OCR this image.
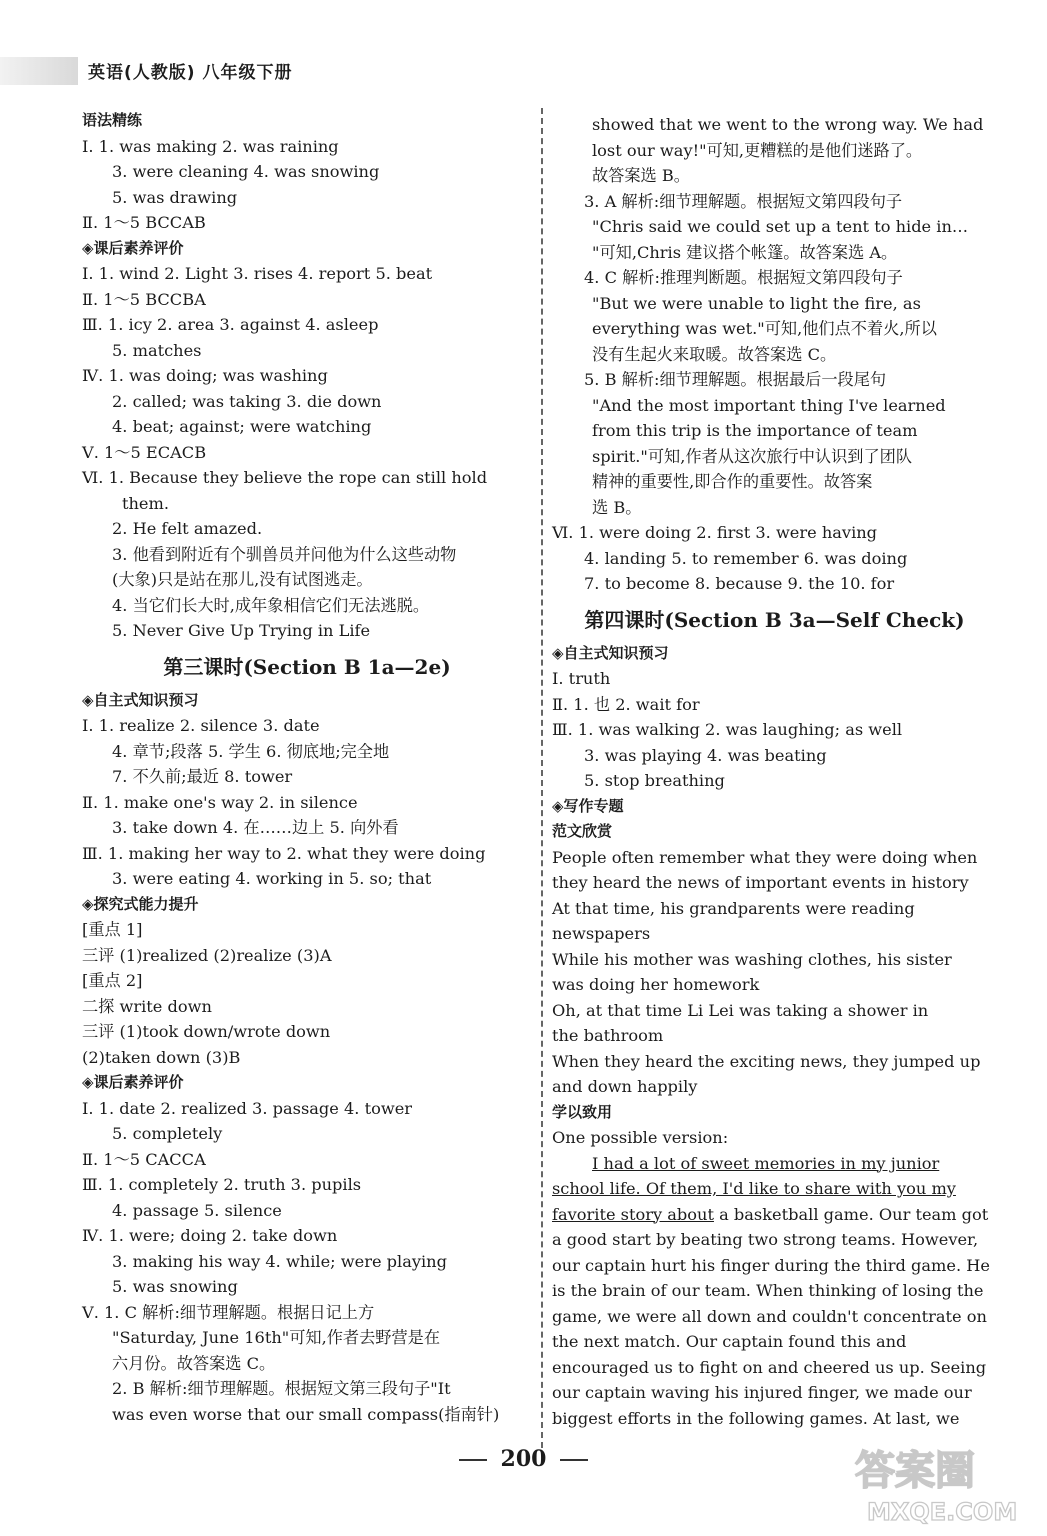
英语(人教版) 八年级下册
语法精练
Ⅰ. 1. was making 2. was raining
3. were cleaning 4. was snowing
5. was drawing
Ⅱ. 1～5 BCCAB
◈课后素养评价
Ⅰ. 1. wind 2. Light 3. rises 4. report 5. beat
Ⅱ. 1～5 BCCBA
Ⅲ. 1. icy 2. area 3. against 4. asleep
5. matches
Ⅳ. 1. was doing; was washing
2. called; was taking 3. die down
4. beat; against; were watching
Ⅴ. 1～5 ECACB
Ⅵ. 1. Because they believe the rope can still hold
them.
2. He felt amazed.
3. 他看到附近有个驯兽员并问他为什么这些动物
(大象)只是站在那儿,没有试图逃走。
4. 当它们长大时,成年象相信它们无法逃脱。
5. Never Give Up Trying in Life
第三课时(Section B 1a—2e)
◈自主式知识预习
Ⅰ. 1. realize 2. silence 3. date
4. 章节;段落 5. 学生 6. 彻底地;完全地
7. 不久前;最近 8. tower
Ⅱ. 1. make one's way 2. in silence
3. take down 4. 在……边上 5. 向外看
Ⅲ. 1. making her way to 2. what they were doing
3. were eating 4. working in 5. so; that
◈探究式能力提升
[重点 1]
三评 (1)realized (2)realize (3)A
[重点 2]
二探 write down
三评 (1)took down/wrote down
(2)taken down (3)B
◈课后素养评价
Ⅰ. 1. date 2. realized 3. passage 4. tower
5. completely
Ⅱ. 1～5 CACCA
Ⅲ. 1. completely 2. truth 3. pupils
4. passage 5. silence
Ⅳ. 1. were; doing 2. take down
3. making his way 4. while; were playing
5. was snowing
Ⅴ. 1. C 解析:细节理解题。根据日记上方
"Saturday, June 16th"可知,作者去野营是在
六月份。故答案选 C。
2. B 解析:细节理解题。根据短文第三段句子"It
was even worse that our small compass(指南针)
showed that we went to the wrong way. We had
lost our way!"可知,更糟糕的是他们迷路了。
故答案选 B。
3. A 解析:细节理解题。根据短文第四段句子
"Chris said we could set up a tent to hide in…
"可知,Chris 建议搭个帐篷。故答案选 A。
4. C 解析:推理判断题。根据短文第四段句子
"But we were unable to light the fire, as
everything was wet."可知,他们点不着火,所以
没有生起火来取暖。故答案选 C。
5. B 解析:细节理解题。根据最后一段尾句
"And the most important thing I've learned
from this trip is the importance of team
spirit."可知,作者从这次旅行中认识到了团队
精神的重要性,即合作的重要性。故答案
选 B。
Ⅵ. 1. were doing 2. first 3. were having
4. landing 5. to remember 6. was doing
7. to become 8. because 9. the 10. for
第四课时(Section B 3a—Self Check)
◈自主式知识预习
Ⅰ. truth
Ⅱ. 1. 也 2. wait for
Ⅲ. 1. was walking 2. was laughing; as well
3. was playing 4. was beating
5. stop breathing
◈写作专题
范文欣赏
People often remember what they were doing when
they heard the news of important events in history
At that time, his grandparents were reading
newspapers
While his mother was washing clothes, his sister
was doing her homework
Oh, at that time Li Lei was taking a shower in
the bathroom
When they heard the exciting news, they jumped up
and down happily
学以致用
One possible version:
I had a lot of sweet memories in my junior
school life. Of them, I'd like to share with you my
favorite story about a basketball game. Our team got
a good start by beating two strong teams. However,
our captain hurt his finger during the third game. He
is the brain of our team. When thinking of losing the
game, we were all down and couldn't concentrate on
the next match. Our captain found this and
encouraged us to fight on and cheered us up. Seeing
our captain waving his injured finger, we made our
biggest efforts in the following games. At last, we
200	答案圈
MXQE.COM
